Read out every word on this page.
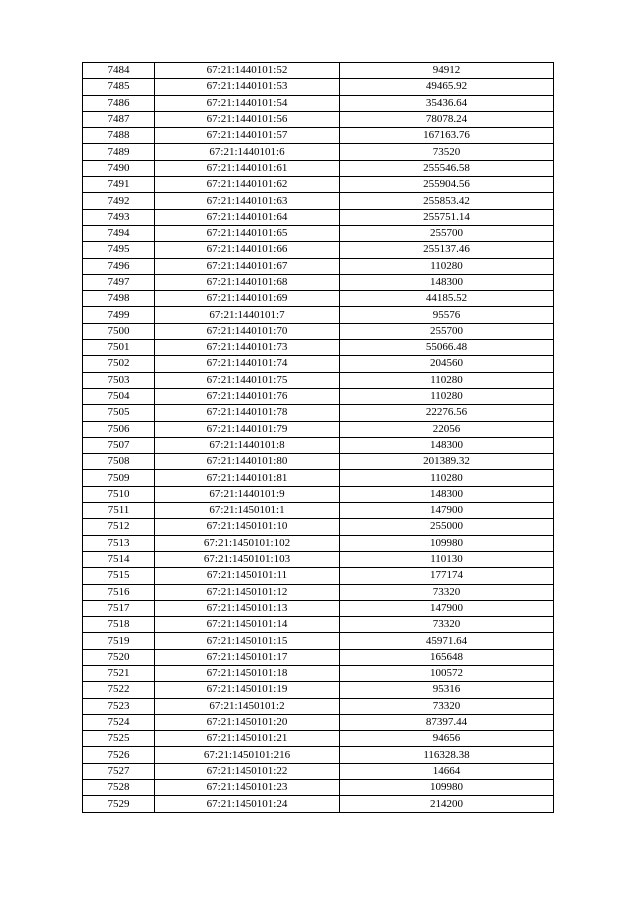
7484	67:21:1440101:52	94912
7485	67:21:1440101:53	49465.92
7486	67:21:1440101:54	35436.64
7487	67:21:1440101:56	78078.24
7488	67:21:1440101:57	167163.76
7489	67:21:1440101:6	73520
7490	67:21:1440101:61	255546.58
7491	67:21:1440101:62	255904.56
7492	67:21:1440101:63	255853.42
7493	67:21:1440101:64	255751.14
7494	67:21:1440101:65	255700
7495	67:21:1440101:66	255137.46
7496	67:21:1440101:67	110280
7497	67:21:1440101:68	148300
7498	67:21:1440101:69	44185.52
7499	67:21:1440101:7	95576
7500	67:21:1440101:70	255700
7501	67:21:1440101:73	55066.48
7502	67:21:1440101:74	204560
7503	67:21:1440101:75	110280
7504	67:21:1440101:76	110280
7505	67:21:1440101:78	22276.56
7506	67:21:1440101:79	22056
7507	67:21:1440101:8	148300
7508	67:21:1440101:80	201389.32
7509	67:21:1440101:81	110280
7510	67:21:1440101:9	148300
7511	67:21:1450101:1	147900
7512	67:21:1450101:10	255000
7513	67:21:1450101:102	109980
7514	67:21:1450101:103	110130
7515	67:21:1450101:11	177174
7516	67:21:1450101:12	73320
7517	67:21:1450101:13	147900
7518	67:21:1450101:14	73320
7519	67:21:1450101:15	45971.64
7520	67:21:1450101:17	165648
7521	67:21:1450101:18	100572
7522	67:21:1450101:19	95316
7523	67:21:1450101:2	73320
7524	67:21:1450101:20	87397.44
7525	67:21:1450101:21	94656
7526	67:21:1450101:216	116328.38
7527	67:21:1450101:22	14664
7528	67:21:1450101:23	109980
7529	67:21:1450101:24	214200
